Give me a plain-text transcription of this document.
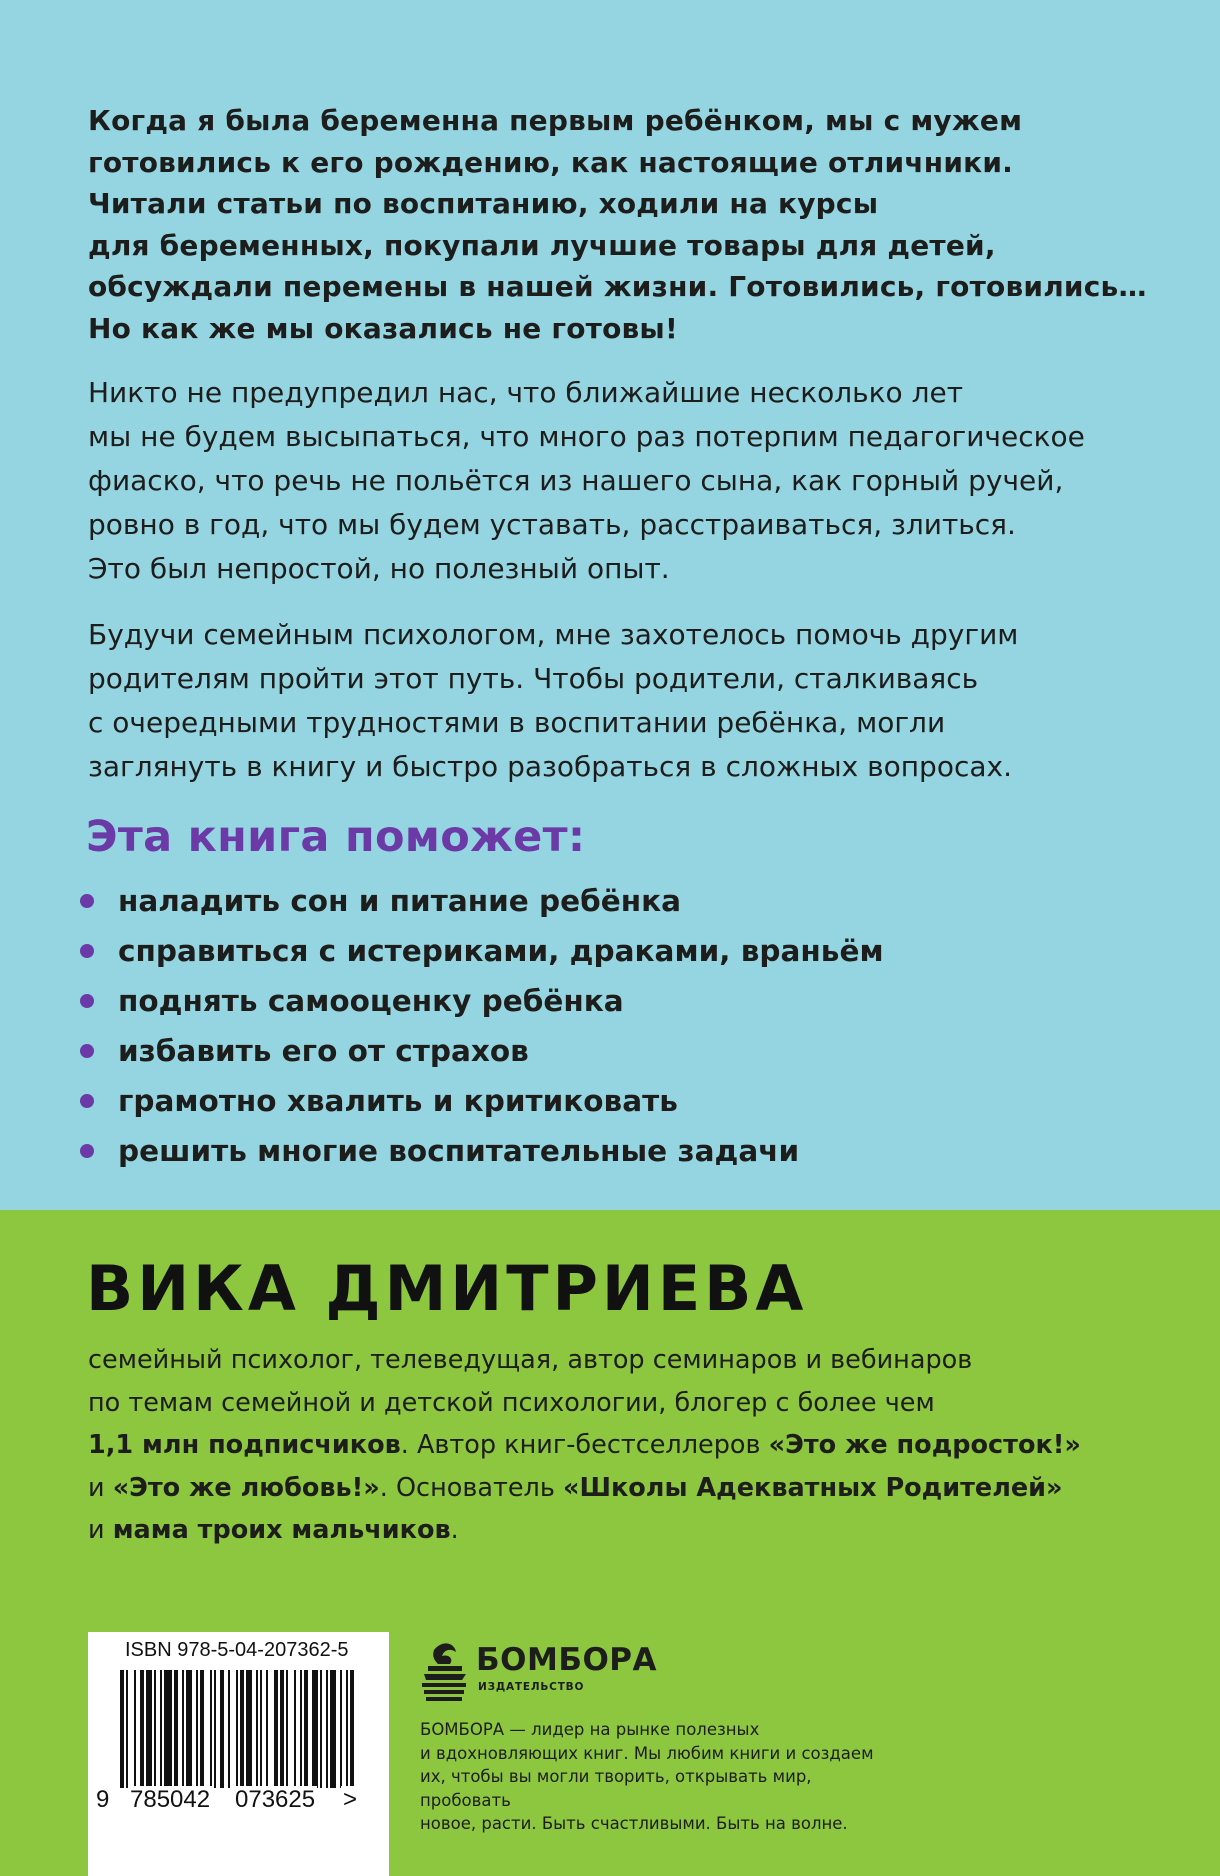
Когда я была беременна первым ребёнком, мы с мужем
готовились к его рождению, как настоящие отличники.
Читали статьи по воспитанию, ходили на курсы
для беременных, покупали лучшие товары для детей,
обсуждали перемены в нашей жизни. Готовились, готовились…
Но как же мы оказались не готовы!

Никто не предупредил нас, что ближайшие несколько лет
мы не будем высыпаться, что много раз потерпим педагогическое
фиаско, что речь не польётся из нашего сына, как горный ручей,
ровно в год, что мы будем уставать, расстраиваться, злиться.
Это был непростой, но полезный опыт.

Будучи семейным психологом, мне захотелось помочь другим
родителям пройти этот путь. Чтобы родители, сталкиваясь
с очередными трудностями в воспитании ребёнка, могли
заглянуть в книгу и быстро разобраться в сложных вопросах.

Эта книга поможет:
наладить сон и питание ребёнка
справиться с истериками, драками, враньём
поднять самооценку ребёнка
избавить его от страхов
грамотно хвалить и критиковать
решить многие воспитательные задачи
ВИКА ДМИТРИЕВА

семейный психолог, телеведущая, автор семинаров и вебинаров
по темам семейной и детской психологии, блогер с более чем
1,1 млн подписчиков. Автор книг-бестселлеров «Это же подросток!»
и «Это же любовь!». Основатель «Школы Адекватных Родителей»
и мама троих мальчиков.

ISBN 978-5-04-207362-5

9 785042 073625 >

БОМБОРА

ИЗДАТЕЛЬСТВО

БОМБОРА — лидер на рынке полезных
и вдохновляющих книг. Мы любим книги и создаем
их, чтобы вы могли творить, открывать мир, пробовать
новое, расти. Быть счастливыми. Быть на волне.
